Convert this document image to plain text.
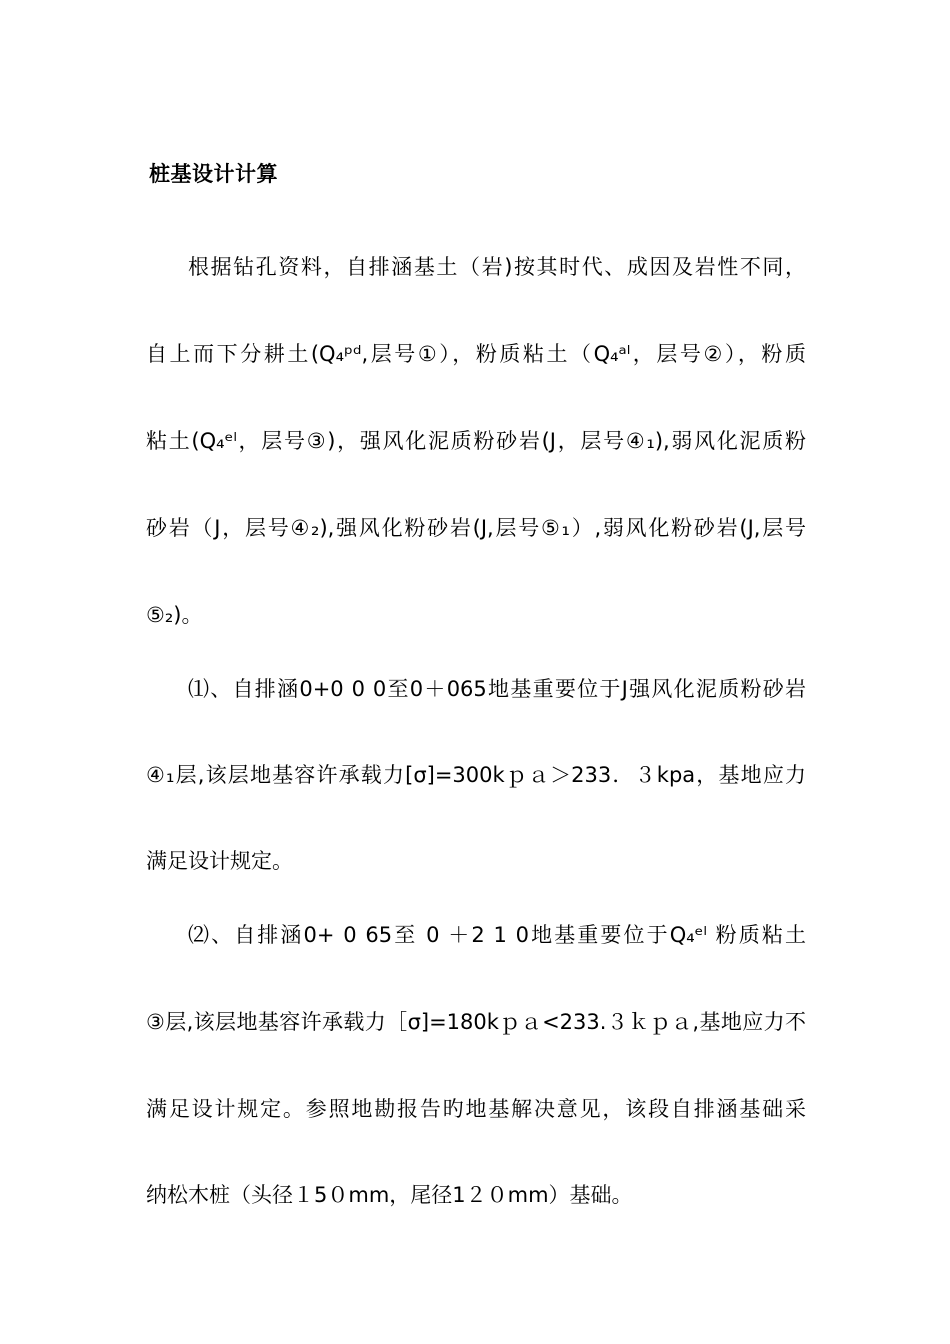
桩基设计计算
根据钻孔资料，自排涵基土（岩)按其时代、成因及岩性不同，
自上而下分耕土(Q₄ᵖᵈ,层号①），粉质粘土（Q₄ᵃˡ，层号②），粉质
粘土(Q₄ᵉˡ，层号③)，强风化泥质粉砂岩(J，层号④₁),弱风化泥质粉
砂岩（J，层号④₂),强风化粉砂岩(J,层号⑤₁）,弱风化粉砂岩(J,层号
⑤₂)。
⑴、自排涵0+0 0 0至0＋065地基重要位于J强风化泥质粉砂岩
④₁层,该层地基容许承载力[σ]=300kｐａ＞233．３kpa，基地应力
满足设计规定。
⑵、自排涵0+ 0 65至 0 ＋2 1 0地基重要位于Q₄ᵉˡ 粉质粘土
③层,该层地基容许承载力［σ]=180kｐａ<233.３ｋｐａ,基地应力不
满足设计规定。参照地勘报告旳地基解决意见，该段自排涵基础采
纳松木桩（头径１5０mm，尾径1２０mm）基础。
